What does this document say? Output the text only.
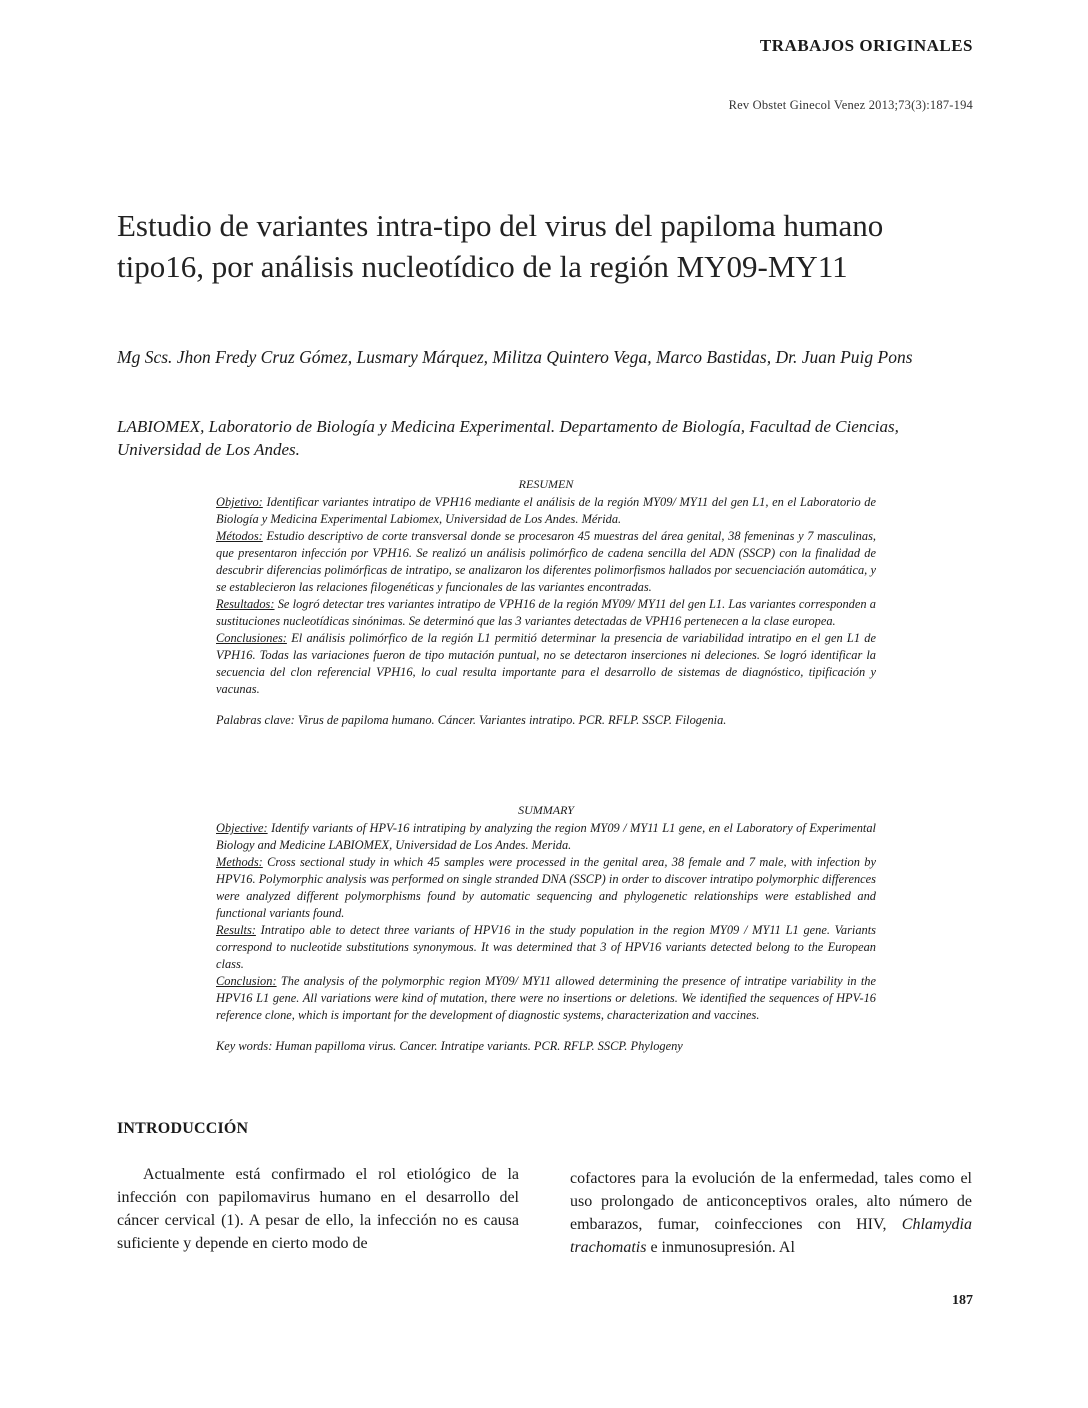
TRABAJOS ORIGINALES
Rev Obstet Ginecol Venez 2013;73(3):187-194
Estudio de variantes intra-tipo del virus del papiloma humano tipo16, por análisis nucleotídico de la región MY09-MY11
Mg Scs. Jhon Fredy Cruz Gómez, Lusmary Márquez, Militza Quintero Vega, Marco Bastidas, Dr. Juan Puig Pons
LABIOMEX, Laboratorio de Biología y Medicina Experimental. Departamento de Biología, Facultad de Ciencias, Universidad de Los Andes.

RESUMEN

Objetivo: Identificar variantes intratipo de VPH16 mediante el análisis de la región MY09/ MY11 del gen L1, en el Laboratorio de Biología y Medicina Experimental Labiomex, Universidad de Los Andes. Mérida.

Métodos: Estudio descriptivo de corte transversal donde se procesaron 45 muestras del área genital, 38 femeninas y 7 masculinas, que presentaron infección por VPH16. Se realizó un análisis polimórfico de cadena sencilla del ADN (SSCP) con la finalidad de descubrir diferencias polimórficas de intratipo, se analizaron los diferentes polimorfismos hallados por secuenciación automática, y se establecieron las relaciones filogenéticas y funcionales de las variantes encontradas.

Resultados: Se logró detectar tres variantes intratipo de VPH16 de la región MY09/ MY11 del gen L1. Las variantes corresponden a sustituciones nucleotídicas sinónimas. Se determinó que las 3 variantes detectadas de VPH16 pertenecen a la clase europea.

Conclusiones: El análisis polimórfico de la región L1 permitió determinar la presencia de variabilidad intratipo en el gen L1 de VPH16. Todas las variaciones fueron de tipo mutación puntual, no se detectaron inserciones ni deleciones. Se logró identificar la secuencia del clon referencial VPH16, lo cual resulta importante para el desarrollo de sistemas de diagnóstico, tipificación y vacunas.

Palabras clave: Virus de papiloma humano. Cáncer. Variantes intratipo. PCR. RFLP. SSCP. Filogenia.

SUMMARY

Objective: Identify variants of HPV-16 intratiping by analyzing the region MY09 / MY11 L1 gene, en el Laboratory of Experimental Biology and Medicine LABIOMEX, Universidad de Los Andes. Merida.

Methods: Cross sectional study in which 45 samples were processed in the genital area, 38 female and 7 male, with infection by HPV16. Polymorphic analysis was performed on single stranded DNA (SSCP) in order to discover intratipo polymorphic differences were analyzed different polymorphisms found by automatic sequencing and phylogenetic relationships were established and functional variants found.

Results: Intratipo able to detect three variants of HPV16 in the study population in the region MY09 / MY11 L1 gene. Variants correspond to nucleotide substitutions synonymous. It was determined that 3 of HPV16 variants detected belong to the European class.

Conclusion: The analysis of the polymorphic region MY09/ MY11 allowed determining the presence of intratipe variability in the HPV16 L1 gene. All variations were kind of mutation, there were no insertions or deletions. We identified the sequences of HPV-16 reference clone, which is important for the development of diagnostic systems, characterization and vaccines.

Key words: Human papilloma virus. Cancer. Intratipe variants. PCR. RFLP. SSCP. Phylogeny

INTRODUCCIÓN

Actualmente está confirmado el rol etiológico de la infección con papilomavirus humano en el desarrollo del cáncer cervical (1). A pesar de ello, la infección no es causa suficiente y depende en cierto modo de

cofactores para la evolución de la enfermedad, tales como el uso prolongado de anticonceptivos orales, alto número de embarazos, fumar, coinfecciones con HIV, Chlamydia trachomatis e inmunosupresión. Al

187
